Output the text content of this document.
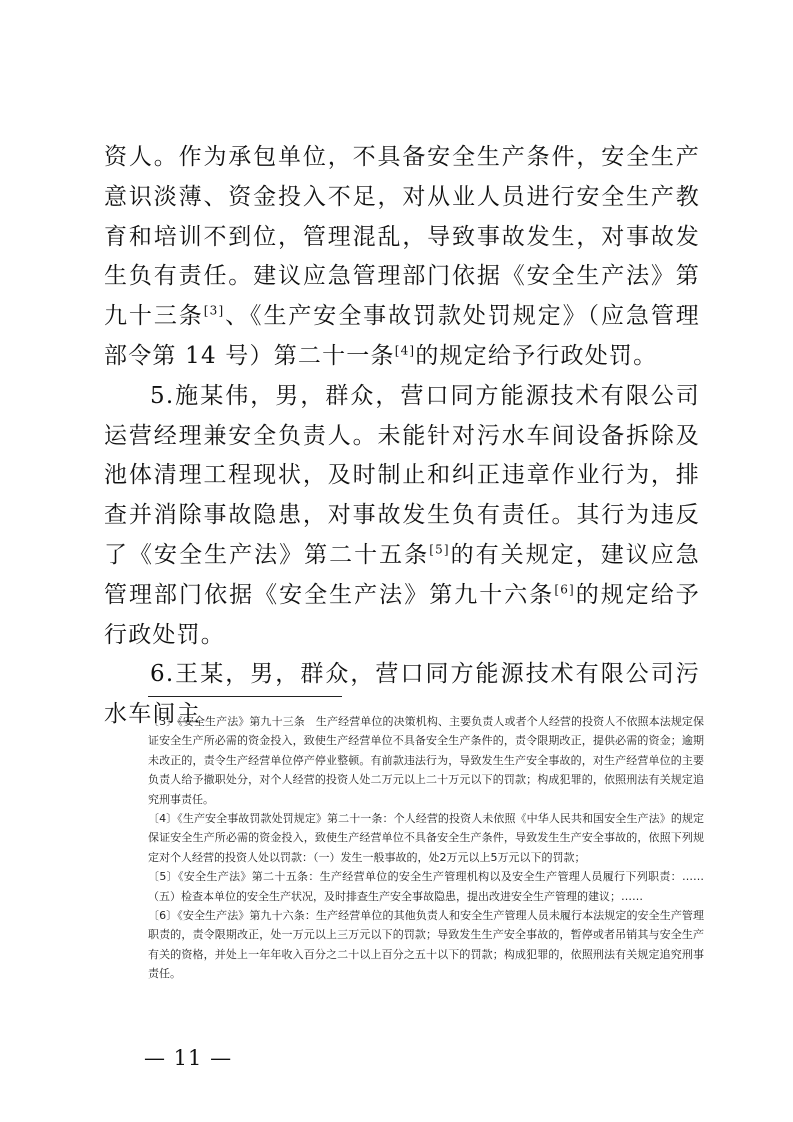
资人。作为承包单位，不具备安全生产条件，安全生产意识淡薄、资金投入不足，对从业人员进行安全生产教育和培训不到位，管理混乱，导致事故发生，对事故发生负有责任。建议应急管理部门依据《安全生产法》第九十三条[3]、《生产安全事故罚款处罚规定》（应急管理部令第 14 号）第二十一条[4]的规定给予行政处罚。

5.施某伟，男，群众，营口同方能源技术有限公司运营经理兼安全负责人。未能针对污水车间设备拆除及池体清理工程现状，及时制止和纠正违章作业行为，排查并消除事故隐患，对事故发生负有责任。其行为违反了《安全生产法》第二十五条[5]的有关规定，建议应急管理部门依据《安全生产法》第九十六条[6]的规定给予行政处罚。

6.王某，男，群众，营口同方能源技术有限公司污水车间主

〔3〕《安全生产法》第九十三条　生产经营单位的决策机构、主要负责人或者个人经营的投资人不依照本法规定保证安全生产所必需的资金投入，致使生产经营单位不具备安全生产条件的，责令限期改正，提供必需的资金；逾期未改正的，责令生产经营单位停产停业整顿。有前款违法行为，导致发生生产安全事故的，对生产经营单位的主要负责人给予撤职处分，对个人经营的投资人处二万元以上二十万元以下的罚款；构成犯罪的，依照刑法有关规定追究刑事责任。

〔4〕《生产安全事故罚款处罚规定》第二十一条：个人经营的投资人未依照《中华人民共和国安全生产法》的规定保证安全生产所必需的资金投入，致使生产经营单位不具备安全生产条件，导致发生生产安全事故的，依照下列规定对个人经营的投资人处以罚款：（一）发生一般事故的，处2万元以上5万元以下的罚款；

〔5〕《安全生产法》第二十五条：生产经营单位的安全生产管理机构以及安全生产管理人员履行下列职责：……（五）检查本单位的安全生产状况，及时排查生产安全事故隐患，提出改进安全生产管理的建议；……

〔6〕《安全生产法》第九十六条：生产经营单位的其他负责人和安全生产管理人员未履行本法规定的安全生产管理职责的，责令限期改正，处一万元以上三万元以下的罚款；导致发生生产安全事故的，暂停或者吊销其与安全生产有关的资格，并处上一年年收入百分之二十以上百分之五十以下的罚款；构成犯罪的，依照刑法有关规定追究刑事责任。

— 11 —
